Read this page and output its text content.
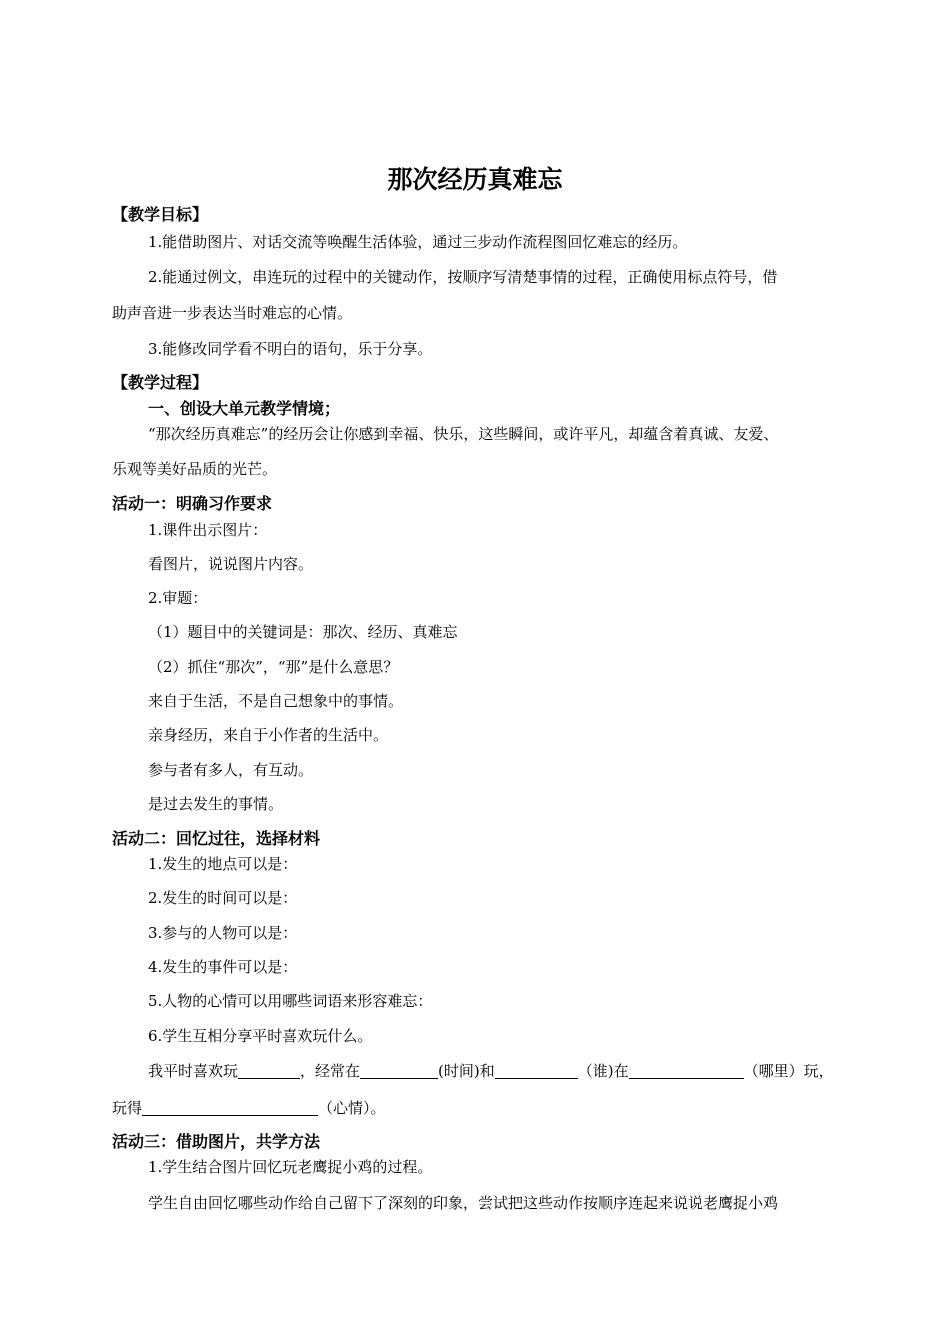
那次经历真难忘
【教学目标】
1.能借助图片、对话交流等唤醒生活体验，通过三步动作流程图回忆难忘的经历。
2.能通过例文，串连玩的过程中的关键动作，按顺序写清楚事情的过程，正确使用标点符号，借
助声音进一步表达当时难忘的心情。
3.能修改同学看不明白的语句，乐于分享。
【教学过程】
一、创设大单元教学情境；
“那次经历真难忘”的经历会让你感到幸福、快乐，这些瞬间，或许平凡，却蕴含着真诚、友爱、
乐观等美好品质的光芒。
活动一：明确习作要求
1.课件出示图片：
看图片，说说图片内容。
2.审题：
（1）题目中的关键词是：那次、经历、真难忘
（2）抓住“那次”，“那”是什么意思？
来自于生活，不是自己想象中的事情。
亲身经历，来自于小作者的生活中。
参与者有多人，有互动。
是过去发生的事情。
活动二：回忆过往，选择材料
1.发生的地点可以是：
2.发生的时间可以是：
3.参与的人物可以是：
4.发生的事件可以是：
5.人物的心情可以用哪些词语来形容难忘：
6.学生互相分享平时喜欢玩什么。
我平时喜欢玩	，经常在	(时间)和	（谁)在	（哪里）玩，
玩得	（心情）。
活动三：借助图片，共学方法
1.学生结合图片回忆玩老鹰捉小鸡的过程。
学生自由回忆哪些动作给自己留下了深刻的印象，尝试把这些动作按顺序连起来说说老鹰捉小鸡
